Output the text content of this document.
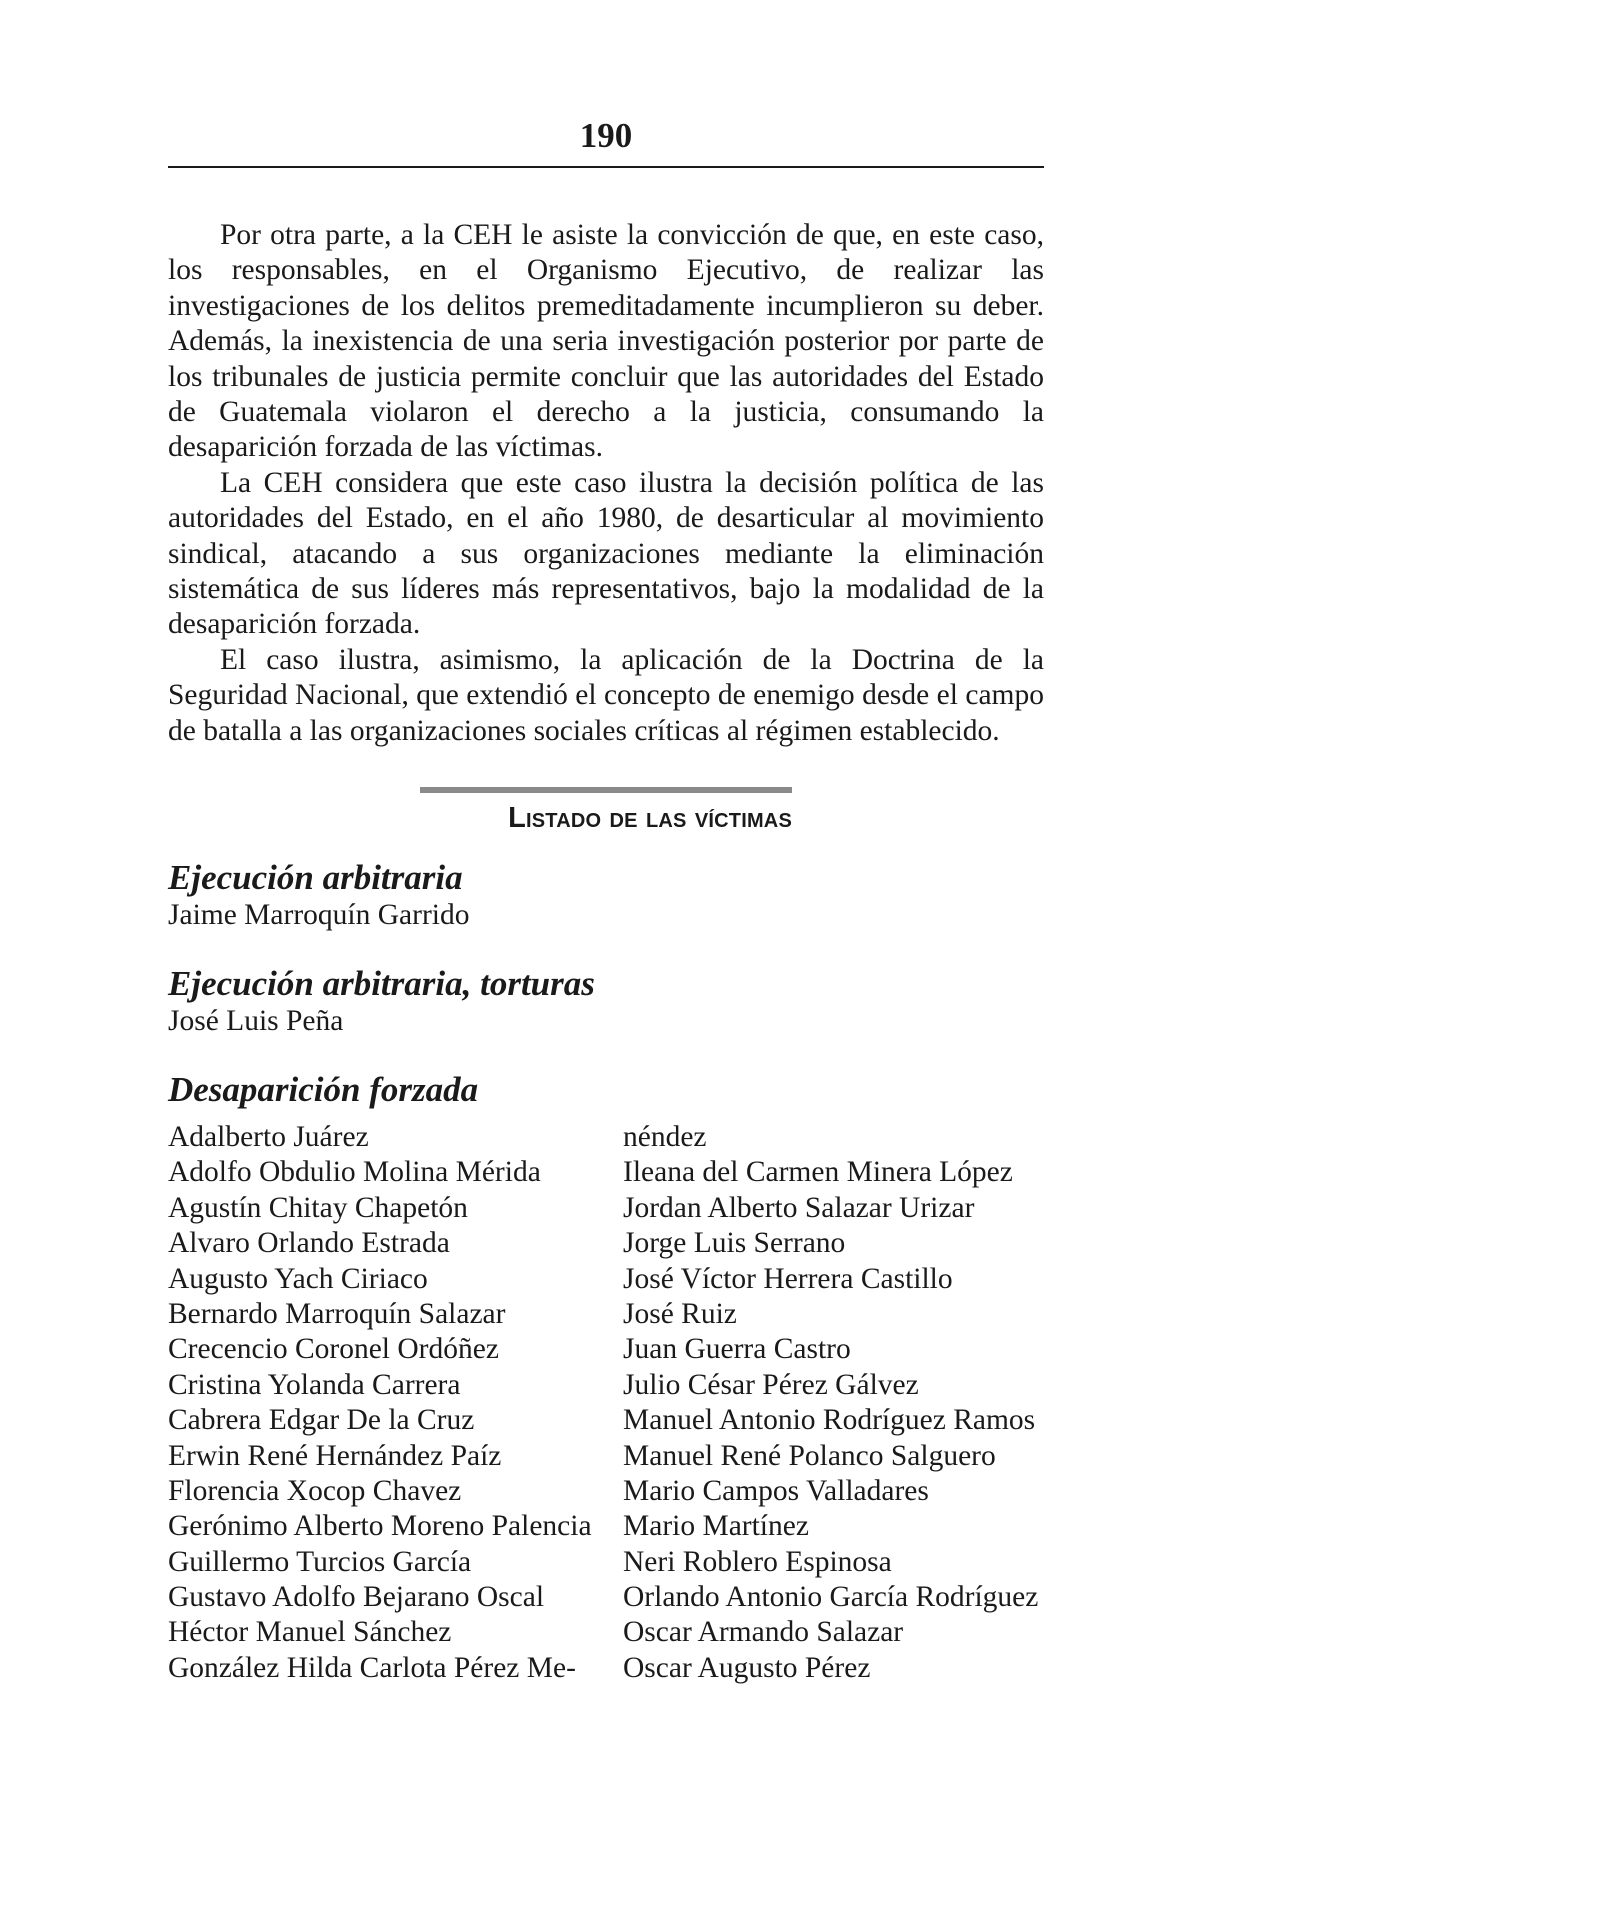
190

Por otra parte, a la CEH le asiste la convicción de que, en este caso, los responsables, en el Organismo Ejecutivo, de realizar las investigaciones de los delitos premeditadamente incumplieron su deber. Además, la inexistencia de una seria investigación posterior por parte de los tribunales de justicia permite concluir que las autoridades del Estado de Guatemala violaron el derecho a la justicia, consumando la desaparición forzada de las víctimas.

La CEH considera que este caso ilustra la decisión política de las autoridades del Estado, en el año 1980, de desarticular al movimiento sindical, atacando a sus organizaciones mediante la eliminación sistemática de sus líderes más representativos, bajo la modalidad de la desaparición forzada.

El caso ilustra, asimismo, la aplicación de la Doctrina de la Seguridad Nacional, que extendió el concepto de enemigo desde el campo de batalla a las organizaciones sociales críticas al régimen establecido.

Listado de las víctimas
Ejecución arbitraria
Jaime Marroquín Garrido
Ejecución arbitraria, torturas
José Luis Peña
Desaparición forzada
Adalberto Juárez
Adolfo Obdulio Molina Mérida
Agustín Chitay Chapetón
Alvaro Orlando Estrada
Augusto Yach Ciriaco
Bernardo Marroquín Salazar
Crecencio Coronel Ordóñez
Cristina Yolanda Carrera
Cabrera Edgar De la Cruz
Erwin René Hernández Paíz
Florencia Xocop Chavez
Gerónimo Alberto Moreno Palencia
Guillermo Turcios García
Gustavo Adolfo Bejarano Oscal
Héctor Manuel Sánchez
González Hilda Carlota Pérez Me-
néndez
Ileana del Carmen Minera López
Jordan Alberto Salazar Urizar
Jorge Luis Serrano
José Víctor Herrera Castillo
José Ruiz
Juan Guerra Castro
Julio César Pérez Gálvez
Manuel Antonio Rodríguez Ramos
Manuel René Polanco Salguero
Mario Campos Valladares
Mario Martínez
Neri Roblero Espinosa
Orlando Antonio García Rodríguez
Oscar Armando Salazar
Oscar Augusto Pérez
